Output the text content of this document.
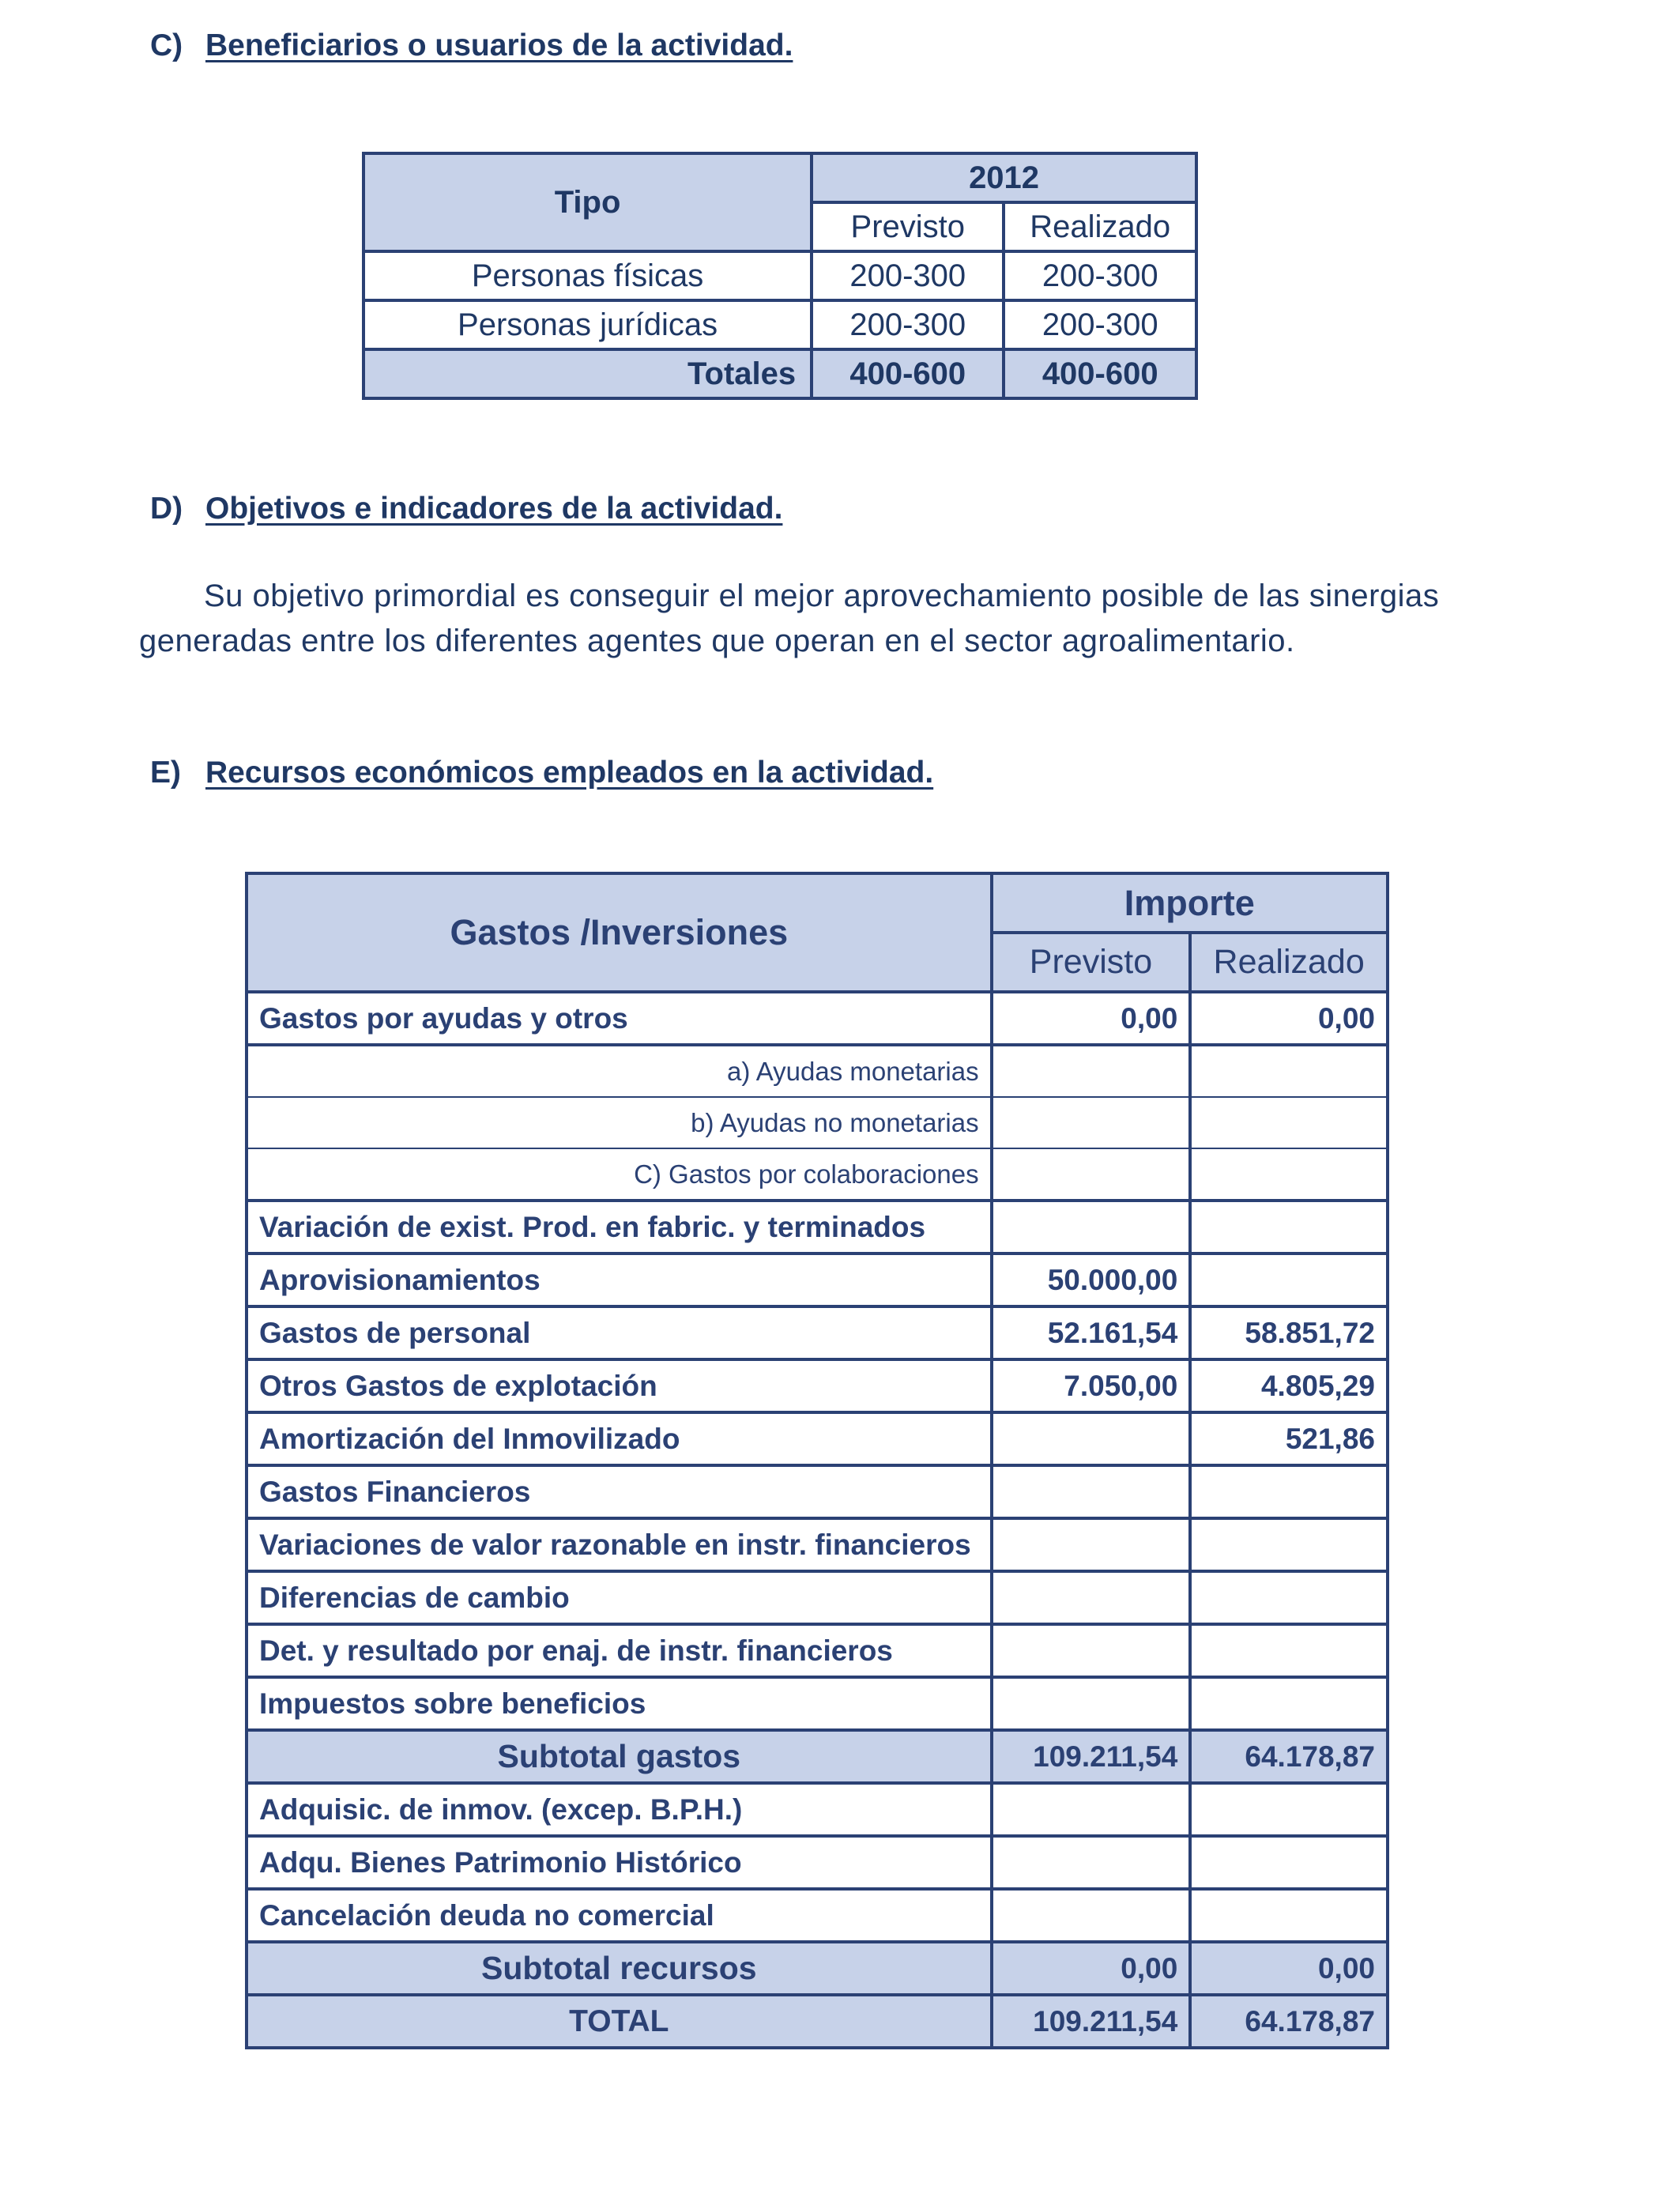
C) Beneficiarios o usuarios de la actividad.
Tipo	2012	
	Previsto	Realizado
Personas físicas	200-300	200-300
Personas jurídicas	200-300	200-300
Totales	400-600	400-600
D) Objetivos e indicadores de la actividad.

Su objetivo primordial es conseguir el mejor aprovechamiento posible de las sinergias

generadas entre los diferentes agentes que operan en el sector agroalimentario.

E) Recursos económicos empleados en la actividad.
Gastos /Inversiones	Importe	
	Previsto	Realizado
Gastos por ayudas y otros	0,00	0,00
a) Ayudas monetarias		
b) Ayudas no monetarias		
C) Gastos por colaboraciones		
Variación de exist. Prod. en fabric. y terminados		
Aprovisionamientos	50.000,00	
Gastos de personal	52.161,54	58.851,72
Otros Gastos de explotación	7.050,00	4.805,29
Amortización del Inmovilizado		521,86
Gastos Financieros		
Variaciones de valor razonable en instr. financieros		
Diferencias de cambio		
Det. y resultado por enaj. de instr. financieros		
Impuestos sobre beneficios		
Subtotal gastos	109.211,54	64.178,87
Adquisic. de inmov. (excep. B.P.H.)		
Adqu. Bienes Patrimonio Histórico		
Cancelación deuda no comercial		
Subtotal recursos	0,00	0,00
TOTAL	109.211,54	64.178,87
